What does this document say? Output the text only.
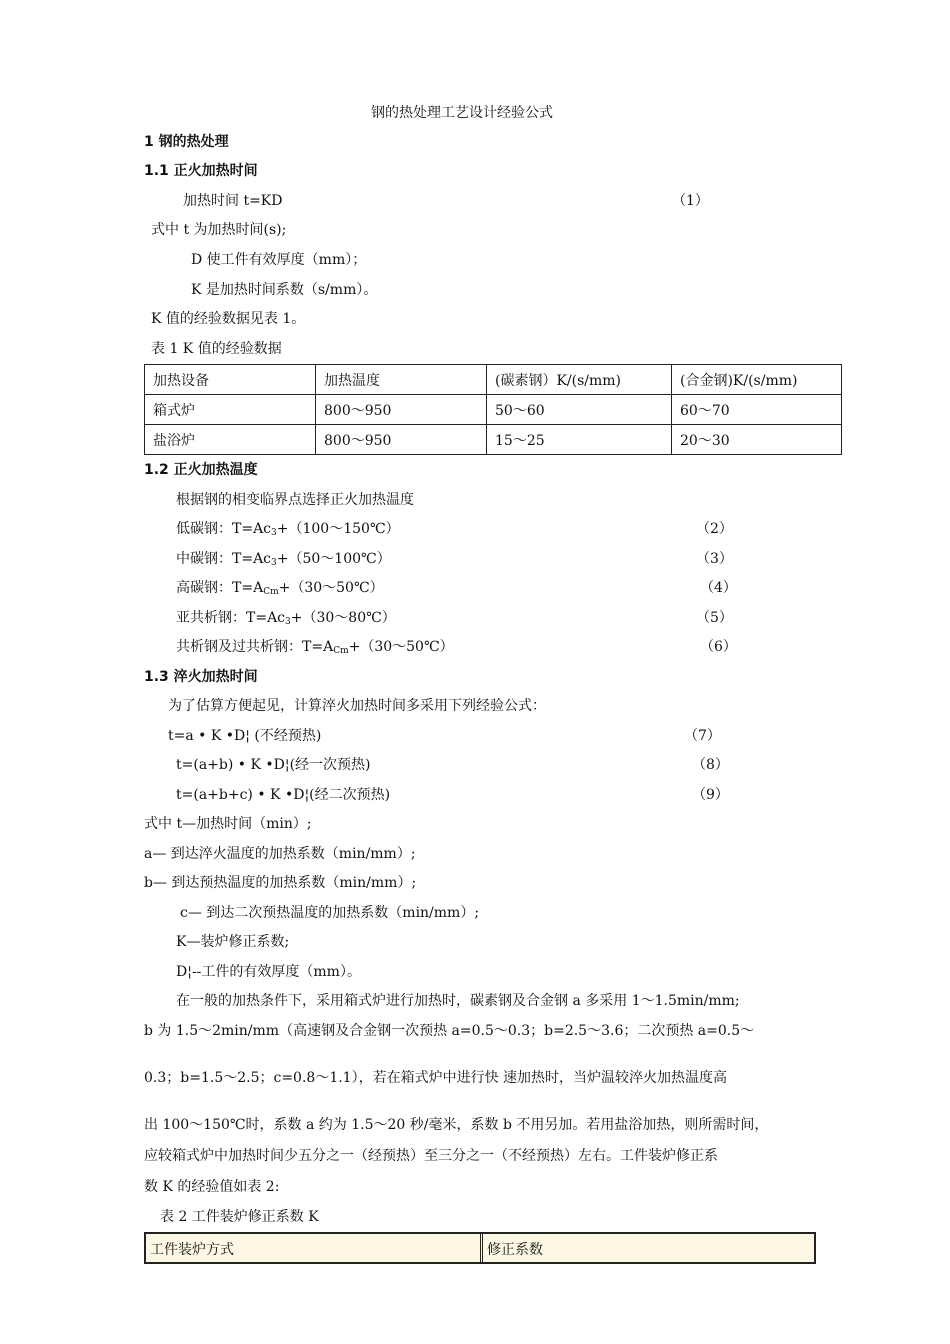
钢的热处理工艺设计经验公式
1 钢的热处理
1.1 正火加热时间
加热时间 t=KD	（1）
式中 t 为加热时间(s);
D 使工件有效厚度（mm）；
K 是加热时间系数（s/mm）。
K 值的经验数据见表 1。
表 1 K 值的经验数据
加热设备	加热温度	(碳素钢）K/(s/mm)	(合金钢)K/(s/mm)
箱式炉	800～950	50～60	60～70
盐浴炉	800～950	15～25	20～30
1.2 正火加热温度
根据钢的相变临界点选择正火加热温度
低碳钢：$T=Ac_3+(100\sim 150℃)$	（2）
中碳钢：$T=Ac_3+(50\sim 100℃)$	（3）
高碳钢：$T=A_{Cm}+(30\sim 50℃)$	（4）
亚共析钢：$T=Ac_3+(30\sim 80℃)$	（5）
共析钢及过共析钢：$T=A_{Cm}+(30\sim 50℃)$	（6）
1.3 淬火加热时间
为了估算方便起见，计算淬火加热时间多采用下列经验公式：
t=a • K •D¦ (不经预热)	（7）
t=(a+b) • K •D¦(经一次预热)	（8）
t=(a+b+c) • K •D¦(经二次预热)	（9）
式中 t—加热时间（min）;
a— 到达淬火温度的加热系数（min/mm）;
b— 到达预热温度的加热系数（min/mm）;
c— 到达二次预热温度的加热系数（min/mm）;
K—装炉修正系数;
D¦--工件的有效厚度（mm）。
在一般的加热条件下，采用箱式炉进行加热时，碳素钢及合金钢 a 多采用 1～1.5min/mm;
b 为 1.5～2min/mm（高速钢及合金钢一次预热 a=0.5～0.3；b=2.5～3.6；二次预热 a=0.5～
0.3；b=1.5～2.5；c=0.8～1.1），若在箱式炉中进行快 速加热时，当炉温较淬火加热温度高
出 100～150℃时，系数 a 约为 1.5～20 秒/毫米，系数 b 不用另加。若用盐浴加热，则所需时间，
应较箱式炉中加热时间少五分之一（经预热）至三分之一（不经预热）左右。工件装炉修正系
数 K 的经验值如表 2:
表 2 工件装炉修正系数 K
工件装炉方式	修正系数
